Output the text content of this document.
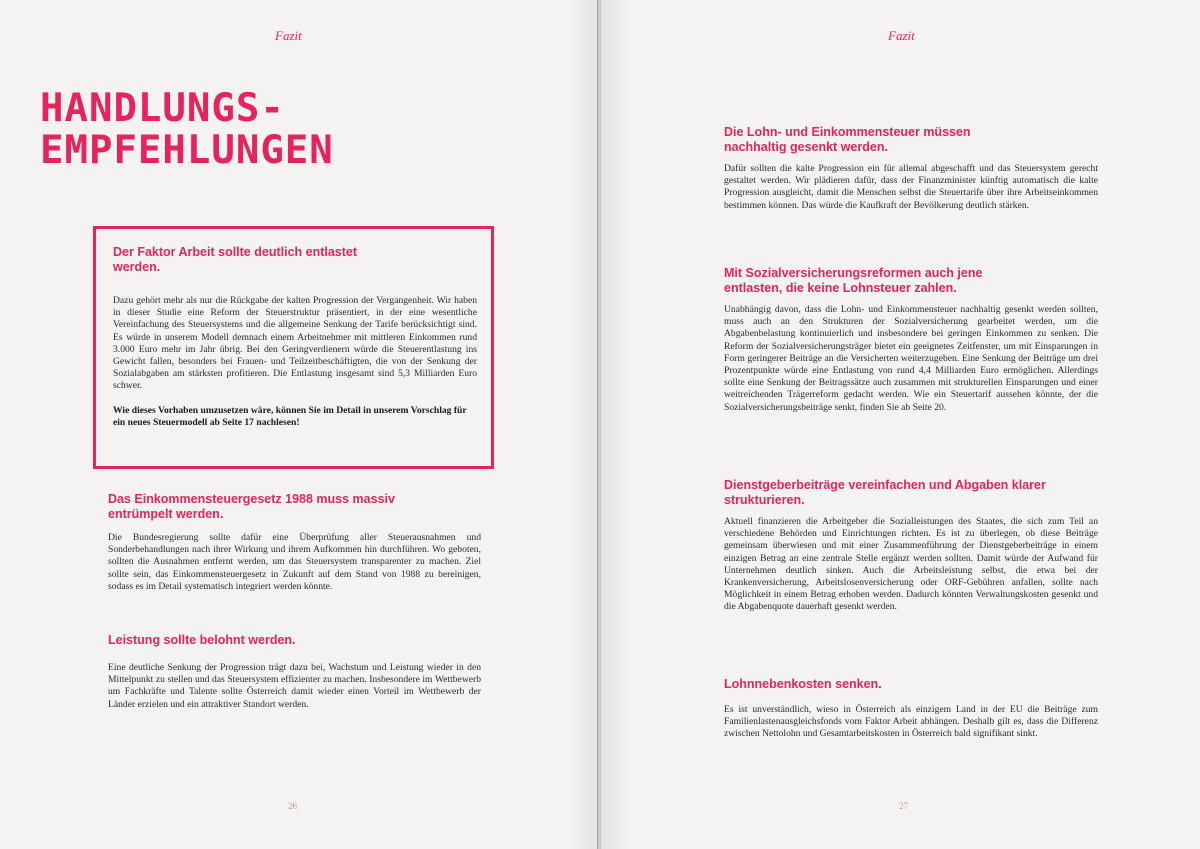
Fazit
HANDLUNGS-
EMPFEHLUNGEN
Der Faktor Arbeit sollte deutlich entlastet werden.

Dazu gehört mehr als nur die Rückgabe der kalten Progression der Vergangenheit. Wir haben in dieser Studie eine Reform der Steuerstruktur präsentiert, in der eine wesentliche Vereinfachung des Steuersystems und die allgemeine Senkung der Tarife berücksichtigt sind. Es würde in unserem Modell demnach einem Arbeitnehmer mit mittleren Einkommen rund 3.000 Euro mehr im Jahr übrig. Bei den Geringverdienern würde die Steuerentlastung ins Gewicht fallen, besonders bei Frauen- und Teilzeitbeschäftigten, die von der Senkung der Sozialabgaben am stärksten profitieren. Die Entlastung insgesamt sind 5,3 Milliarden Euro schwer.

Wie dieses Vorhaben umzusetzen wäre, können Sie im Detail in unserem Vorschlag für ein neues Steuermodell ab Seite 17 nachlesen!

Das Einkommensteuergesetz 1988 muss massiv entrümpelt werden.

Die Bundesregierung sollte dafür eine Überprüfung aller Steuerausnahmen und Sonderbehandlungen nach ihrer Wirkung und ihrem Aufkommen hin durchführen. Wo geboten, sollten die Ausnahmen entfernt werden, um das Steuersystem transparenter zu machen. Ziel sollte sein, das Einkommensteuergesetz in Zukunft auf dem Stand von 1988 zu bereinigen, sodass es im Detail systematisch integriert werden könnte.

Leistung sollte belohnt werden.

Eine deutliche Senkung der Progression trägt dazu bei, Wachstum und Leistung wieder in den Mittelpunkt zu stellen und das Steuersystem effizienter zu machen. Insbesondere im Wettbewerb um Fachkräfte und Talente sollte Österreich damit wieder einen Vorteil im Wettbewerb der Länder erzielen und ein attraktiver Standort werden.

26
Fazit
Die Lohn- und Einkommensteuer müssen nachhaltig gesenkt werden.

Dafür sollten die kalte Progression ein für allemal abgeschafft und das Steuersystem gerecht gestaltet werden. Wir plädieren dafür, dass der Finanzminister künftig automatisch die kalte Progression ausgleicht, damit die Menschen selbst die Steuertarife über ihre Arbeitseinkommen bestimmen können. Das würde die Kaufkraft der Bevölkerung deutlich stärken.

Mit Sozialversicherungsreformen auch jene entlasten, die keine Lohnsteuer zahlen.

Unabhängig davon, dass die Lohn- und Einkommensteuer nachhaltig gesenkt werden sollten, muss auch an den Strukturen der Sozialversicherung gearbeitet werden, um die Abgabenbelastung kontinuierlich und insbesondere bei geringen Einkommen zu senken. Die Reform der Sozialversicherungsträger bietet ein geeignetes Zeitfenster, um mit Einsparungen in Form geringerer Beiträge an die Versicherten weiterzugeben. Eine Senkung der Beiträge um drei Prozentpunkte würde eine Entlastung von rund 4,4 Milliarden Euro ermöglichen. Allerdings sollte eine Senkung der Beitragssätze auch zusammen mit strukturellen Einsparungen und einer weitreichenden Trägerreform gedacht werden. Wie ein Steuertarif aussehen könnte, der die Sozialversicherungsbeiträge senkt, finden Sie ab Seite 20.

Dienstgeberbeiträge vereinfachen und Abgaben klarer strukturieren.

Aktuell finanzieren die Arbeitgeber die Sozialleistungen des Staates, die sich zum Teil an verschiedene Behörden und Einrichtungen richten. Es ist zu überlegen, ob diese Beiträge gemeinsam überwiesen und mit einer Zusammenführung der Dienstgeberbeiträge in einem einzigen Betrag an eine zentrale Stelle ergänzt werden sollten. Damit würde der Aufwand für Unternehmen deutlich sinken. Auch die Arbeitsleistung selbst, die etwa bei der Krankenversicherung, Arbeitslosenversicherung oder ORF-Gebühren anfallen, sollte nach Möglichkeit in einem Betrag erhoben werden. Dadurch könnten Verwaltungskosten gesenkt und die Abgabenquote dauerhaft gesenkt werden.

Lohnnebenkosten senken.

Es ist unverständlich, wieso in Österreich als einzigem Land in der EU die Beiträge zum Familienlastenausgleichsfonds vom Faktor Arbeit abhängen. Deshalb gilt es, dass die Differenz zwischen Nettolohn und Gesamtarbeitskosten in Österreich bald signifikant sinkt.

27
